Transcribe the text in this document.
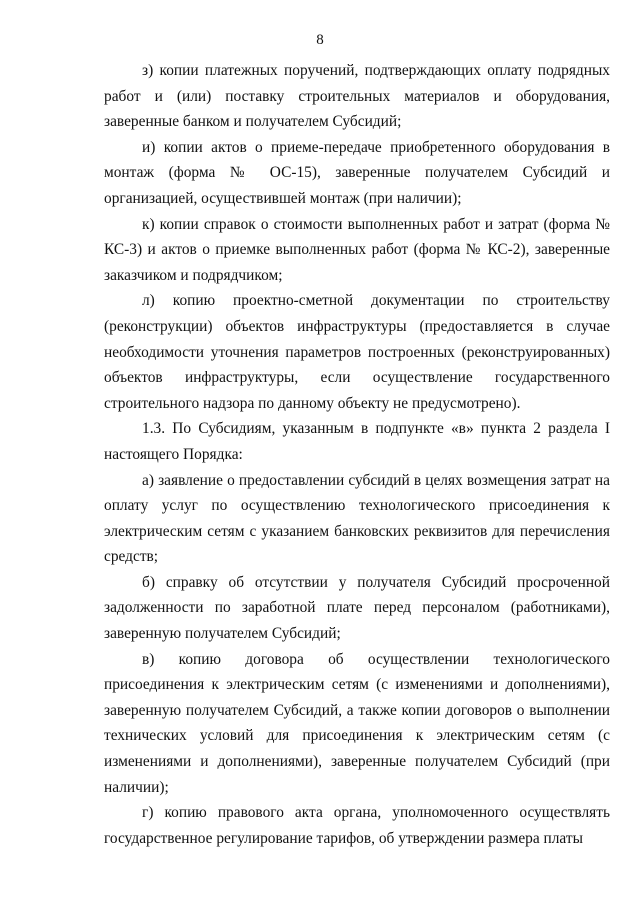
8

з) копии платежных поручений, подтверждающих оплату подрядных работ и (или) поставку строительных материалов и оборудования, заверенные банком и получателем Субсидий;

и) копии актов о приеме-передаче приобретенного оборудования в монтаж (форма № ОС-15), заверенные получателем Субсидий и организацией, осуществившей монтаж (при наличии);

к) копии справок о стоимости выполненных работ и затрат (форма № КС-3) и актов о приемке выполненных работ (форма № КС-2), заверенные заказчиком и подрядчиком;

л) копию проектно-сметной документации по строительству (реконструкции) объектов инфраструктуры (предоставляется в случае необходимости уточнения параметров построенных (реконструированных) объектов инфраструктуры, если осуществление государственного строительного надзора по данному объекту не предусмотрено).

1.3. По Субсидиям, указанным в подпункте «в» пункта 2 раздела I настоящего Порядка:

а) заявление о предоставлении субсидий в целях возмещения затрат на оплату услуг по осуществлению технологического присоединения к электрическим сетям с указанием банковских реквизитов для перечисления средств;

б) справку об отсутствии у получателя Субсидий просроченной задолженности по заработной плате перед персоналом (работниками), заверенную получателем Субсидий;

в) копию договора об осуществлении технологического присоединения к электрическим сетям (с изменениями и дополнениями), заверенную получателем Субсидий, а также копии договоров о выполнении технических условий для присоединения к электрическим сетям (с изменениями и дополнениями), заверенные получателем Субсидий (при наличии);

г) копию правового акта органа, уполномоченного осуществлять государственное регулирование тарифов, об утверждении размера платы
